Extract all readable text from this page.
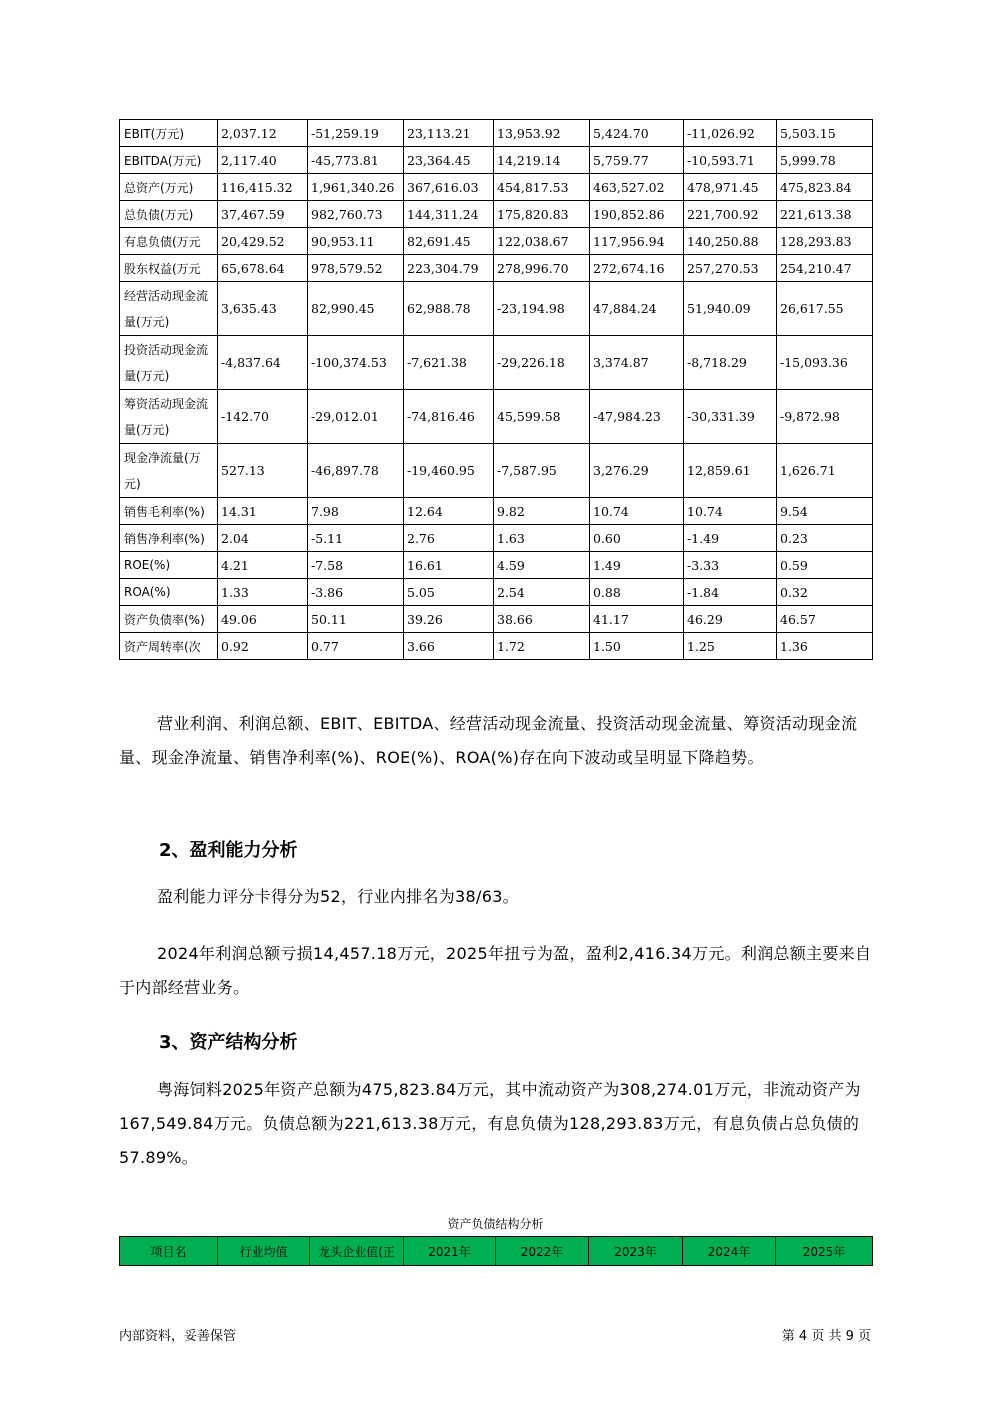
EBIT(万元)	2,037.12	-51,259.19	23,113.21	13,953.92	5,424.70	-11,026.92	5,503.15
EBITDA(万元)	2,117.40	-45,773.81	23,364.45	14,219.14	5,759.77	-10,593.71	5,999.78
总资产(万元)	116,415.32	1,961,340.26	367,616.03	454,817.53	463,527.02	478,971.45	475,823.84
总负债(万元)	37,467.59	982,760.73	144,311.24	175,820.83	190,852.86	221,700.92	221,613.38
有息负债(万元	20,429.52	90,953.11	82,691.45	122,038.67	117,956.94	140,250.88	128,293.83
股东权益(万元	65,678.64	978,579.52	223,304.79	278,996.70	272,674.16	257,270.53	254,210.47
经营活动现金流量(万元)	3,635.43	82,990.45	62,988.78	-23,194.98	47,884.24	51,940.09	26,617.55
投资活动现金流量(万元)	-4,837.64	-100,374.53	-7,621.38	-29,226.18	3,374.87	-8,718.29	-15,093.36
筹资活动现金流量(万元)	-142.70	-29,012.01	-74,816.46	45,599.58	-47,984.23	-30,331.39	-9,872.98
现金净流量(万元)	527.13	-46,897.78	-19,460.95	-7,587.95	3,276.29	12,859.61	1,626.71
销售毛利率(%)	14.31	7.98	12.64	9.82	10.74	10.74	9.54
销售净利率(%)	2.04	-5.11	2.76	1.63	0.60	-1.49	0.23
ROE(%)	4.21	-7.58	16.61	4.59	1.49	-3.33	0.59
ROA(%)	1.33	-3.86	5.05	2.54	0.88	-1.84	0.32
资产负债率(%)	49.06	50.11	39.26	38.66	41.17	46.29	46.57
资产周转率(次	0.92	0.77	3.66	1.72	1.50	1.25	1.36

营业利润、利润总额、EBIT、EBITDA、经营活动现金流量、投资活动现金流量、筹资活动现金流量、现金净流量、销售净利率(%)、ROE(%)、ROA(%)存在向下波动或呈明显下降趋势。

2、盈利能力分析

盈利能力评分卡得分为52，行业内排名为38/63。

2024年利润总额亏损14,457.18万元，2025年扭亏为盈，盈利2,416.34万元。利润总额主要来自于内部经营业务。

3、资产结构分析

粤海饲料2025年资产总额为475,823.84万元，其中流动资产为308,274.01万元，非流动资产为167,549.84万元。负债总额为221,613.38万元，有息负债为128,293.83万元，有息负债占总负债的57.89%。

资产负债结构分析
项目名	行业均值	龙头企业值(正	2021年	2022年	2023年	2024年	2025年
内部资料，妥善保管	第 4 页 共 9 页
